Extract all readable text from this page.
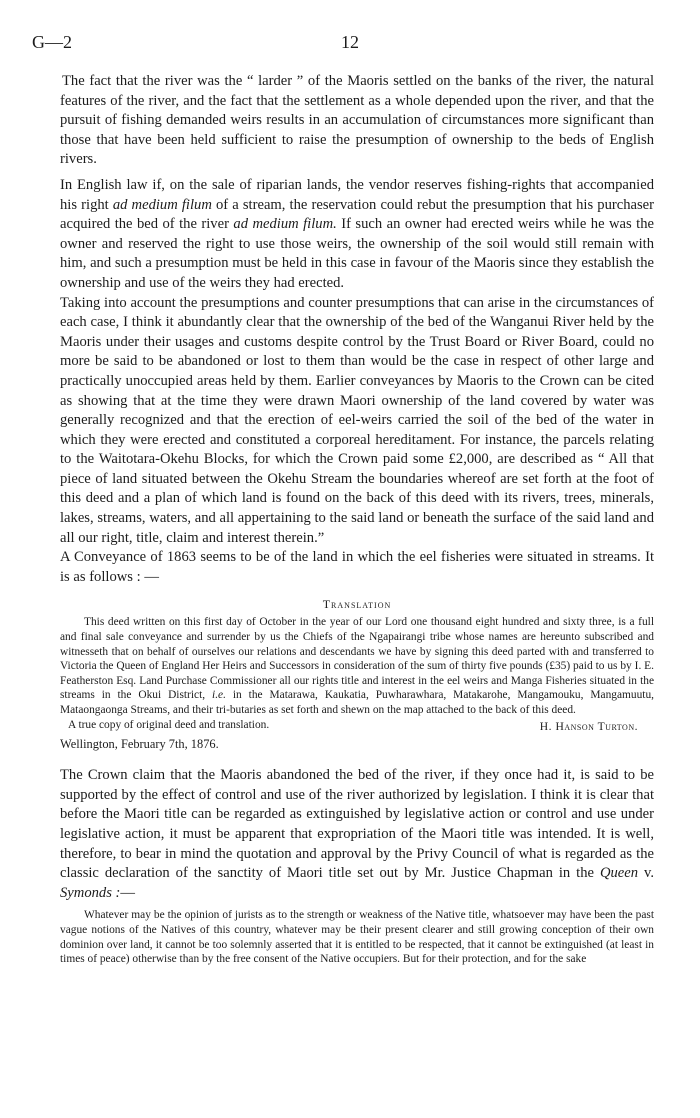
G—2	12

The fact that the river was the “ larder ” of the Maoris settled on the banks of the river, the natural features of the river, and the fact that the settlement as a whole depended upon the river, and that the pursuit of fishing demanded weirs results in an accumulation of circumstances more significant than those that have been held sufficient to raise the presumption of ownership to the beds of English rivers.

In English law if, on the sale of riparian lands, the vendor reserves fishing-rights that accompanied his right ad medium filum of a stream, the reservation could rebut the presumption that his purchaser acquired the bed of the river ad medium filum. If such an owner had erected weirs while he was the owner and reserved the right to use those weirs, the ownership of the soil would still remain with him, and such a presumption must be held in this case in favour of the Maoris since they establish the ownership and use of the weirs they had erected.

Taking into account the presumptions and counter presumptions that can arise in the circumstances of each case, I think it abundantly clear that the ownership of the bed of the Wanganui River held by the Maoris under their usages and customs despite control by the Trust Board or River Board, could no more be said to be abandoned or lost to them than would be the case in respect of other large and practically unoccupied areas held by them. Earlier conveyances by Maoris to the Crown can be cited as showing that at the time they were drawn Maori ownership of the land covered by water was generally recognized and that the erection of eel-weirs carried the soil of the bed of the water in which they were erected and constituted a corporeal hereditament. For instance, the parcels relating to the Waitotara-Okehu Blocks, for which the Crown paid some £2,000, are described as “ All that piece of land situated between the Okehu Stream the boundaries whereof are set forth at the foot of this deed and a plan of which land is found on the back of this deed with its rivers, trees, minerals, lakes, streams, waters, and all appertaining to the said land or beneath the surface of the said land and all our right, title, claim and interest therein.”

A Conveyance of 1863 seems to be of the land in which the eel fisheries were situated in streams. It is as follows : —

Translation

This deed written on this first day of October in the year of our Lord one thousand eight hundred and sixty three, is a full and final sale conveyance and surrender by us the Chiefs of the Ngapairangi tribe whose names are hereunto subscribed and witnesseth that on behalf of ourselves our relations and descendants we have by signing this deed parted with and transferred to Victoria the Queen of England Her Heirs and Successors in consideration of the sum of thirty five pounds (£35) paid to us by I. E. Featherston Esq. Land Purchase Commissioner all our rights title and interest in the eel weirs and Manga Fisheries situated in the streams in the Okui District, i.e. in the Matarawa, Kaukatia, Puwharawhara, Matakarohe, Mangamouku, Mangamuutu, Mataongaonga Streams, and their tri-butaries as set forth and shewn on the map attached to the back of this deed.

A true copy of original deed and translation.	H. Hanson Turton.

Wellington, February 7th, 1876.

The Crown claim that the Maoris abandoned the bed of the river, if they once had it, is said to be supported by the effect of control and use of the river authorized by legislation. I think it is clear that before the Maori title can be regarded as extinguished by legislative action or control and use under legislative action, it must be apparent that expropriation of the Maori title was intended. It is well, therefore, to bear in mind the quotation and approval by the Privy Council of what is regarded as the classic declaration of the sanctity of Maori title set out by Mr. Justice Chapman in the Queen v. Symonds :—

Whatever may be the opinion of jurists as to the strength or weakness of the Native title, whatsoever may have been the past vague notions of the Natives of this country, whatever may be their present clearer and still growing conception of their own dominion over land, it cannot be too solemnly asserted that it is entitled to be respected, that it cannot be extinguished (at least in times of peace) otherwise than by the free consent of the Native occupiers. But for their protection, and for the sake
